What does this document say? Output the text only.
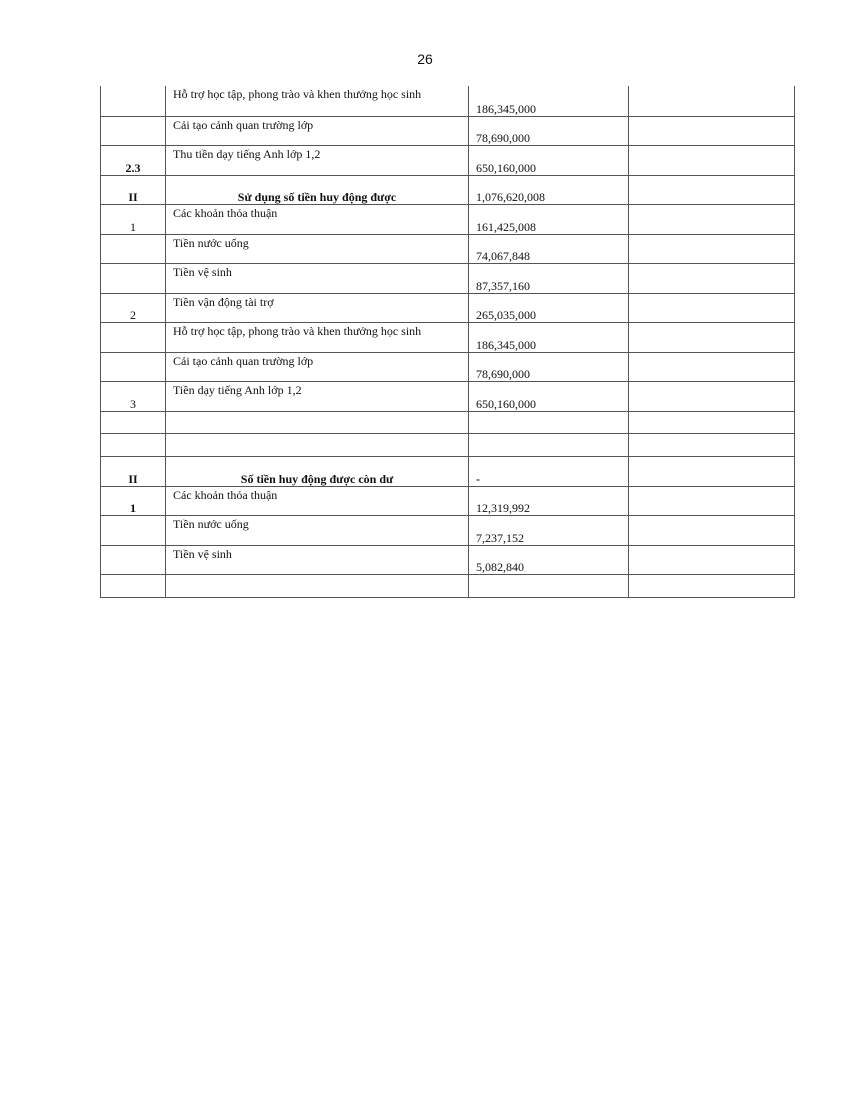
26

	Hỗ trợ học tập, phong trào và khen thưởng học sinh	186,345,000	

	Cải tạo cảnh quan trường lớp	78,690,000	

2.3	Thu tiền dạy tiếng Anh lớp 1,2	650,160,000	

II	Sử dụng số tiền huy động được	1,076,620,008	

1	Các khoản thỏa thuận	161,425,008	

	Tiền nước uống	74,067,848	

	Tiền vệ sinh	87,357,160	

2	Tiền vận động tài trợ	265,035,000	

	Hỗ trợ học tập, phong trào và khen thưởng học sinh	186,345,000	

	Cải tạo cảnh quan trường lớp	78,690,000	

3	Tiền dạy tiếng Anh lớp 1,2	650,160,000	

II	Số tiền huy động được còn dư	-	

1	Các khoản thỏa thuận	12,319,992	

	Tiền nước uống	7,237,152	

	Tiền vệ sinh	5,082,840	
